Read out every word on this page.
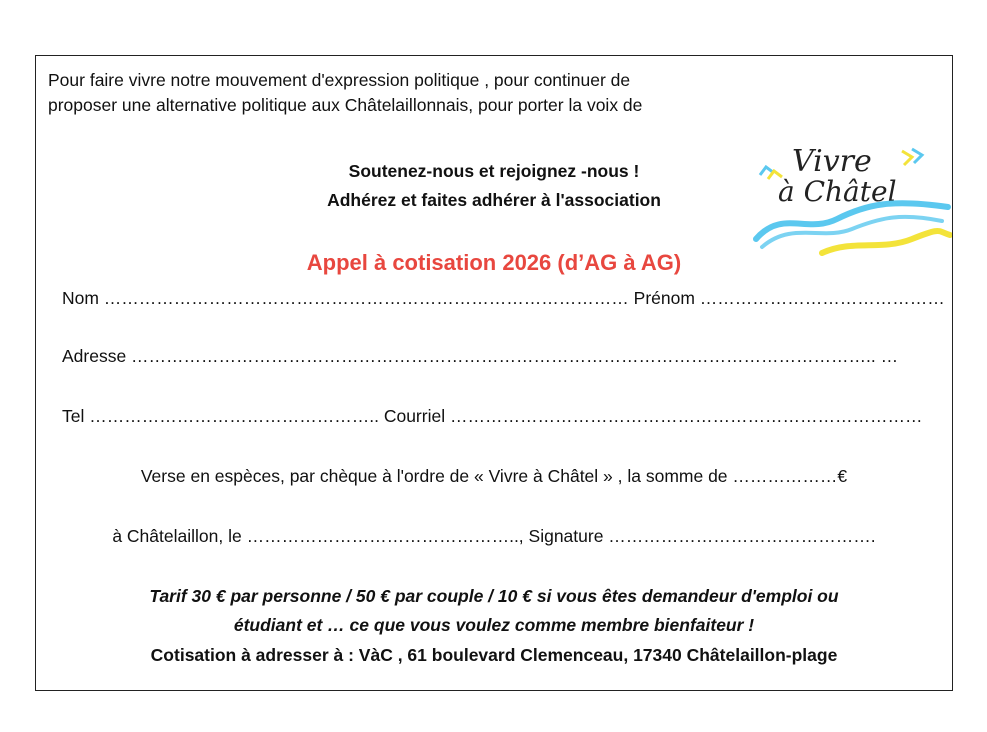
Pour faire vivre notre mouvement d'expression politique , pour continuer de
proposer une alternative politique aux Châtelaillonnais, pour porter la voix de
Soutenez-nous et rejoignez -nous !
Adhérez et faites adhérer à l'association
Appel à cotisation 2026 (d’AG à AG)
Nom ……………………………………………………………………………… Prénom ……………………………………
Adresse ……………………………………………………………………………………………………………….. …
Tel ………………………………………….. Courriel ………………………………………………………………………
Verse en espèces, par chèque à l'ordre de « Vivre à Châtel » , la somme de ………………€
à Châtelaillon, le ……………………………………….., Signature ……………………………………….
Tarif 30 € par personne / 50 € par couple / 10 € si vous êtes demandeur d'emploi ou
étudiant et … ce que vous voulez comme membre bienfaiteur !
Cotisation à adresser à : VàC , 61 boulevard Clemenceau, 17340 Châtelaillon-plage
Vivre
à Châtel
